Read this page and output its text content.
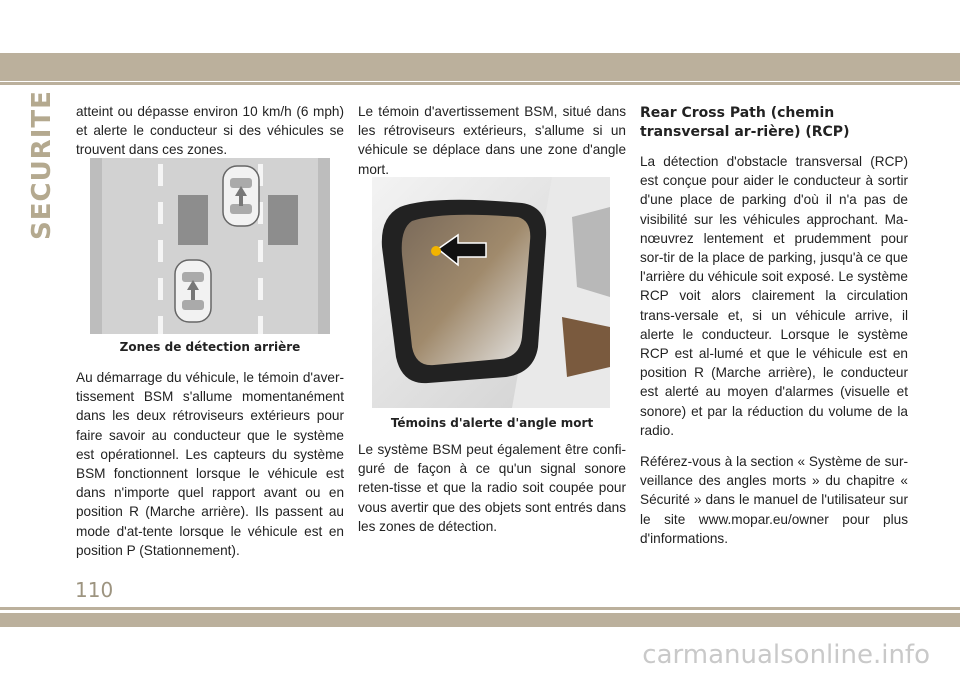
SECURITE	atteint ou dépasse environ 10 km/h (6 mph) et alerte le conducteur si des véhicules se trouvent dans ces zones.

Zones de détection arrière

Au démarrage du véhicule, le témoin d'aver-tissement BSM s'allume momentanément dans les deux rétroviseurs extérieurs pour faire savoir au conducteur que le système est opérationnel. Les capteurs du système BSM fonctionnent lorsque le véhicule est dans n'importe quel rapport avant ou en position R (Marche arrière). Ils passent au mode d'at-tente lorsque le véhicule est en position P (Stationnement).

Le témoin d'avertissement BSM, situé dans les rétroviseurs extérieurs, s'allume si un véhicule se déplace dans une zone d'angle mort.

Témoins d'alerte d'angle mort

Le système BSM peut également être confi-guré de façon à ce qu'un signal sonore reten-tisse et que la radio soit coupée pour vous avertir que des objets sont entrés dans les zones de détection.

Rear Cross Path (chemin transversal ar-rière) (RCP)

La détection d'obstacle transversal (RCP) est conçue pour aider le conducteur à sortir d'une place de parking d'où il n'a pas de visibilité sur les véhicules approchant. Ma-nœuvrez lentement et prudemment pour sor-tir de la place de parking, jusqu'à ce que l'arrière du véhicule soit exposé. Le système RCP voit alors clairement la circulation trans-versale et, si un véhicule arrive, il alerte le conducteur. Lorsque le système RCP est al-lumé et que le véhicule est en position R (Marche arrière), le conducteur est alerté au moyen d'alarmes (visuelle et sonore) et par la réduction du volume de la radio.

Référez-vous à la section « Système de sur-veillance des angles morts » du chapitre « Sécurité » dans le manuel de l'utilisateur sur le site www.mopar.eu/owner pour plus d'informations.

110
carmanualsonline.info
